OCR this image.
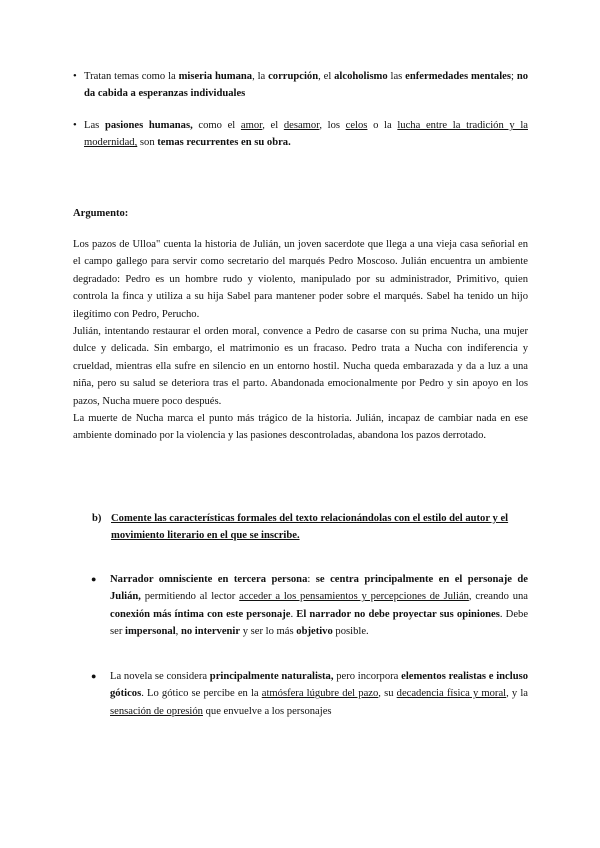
• Tratan temas como la miseria humana, la corrupción, el alcoholismo las enfermedades mentales; no da cabida a esperanzas individuales
• Las pasiones humanas, como el amor, el desamor, los celos o la lucha entre la tradición y la modernidad, son temas recurrentes en su obra.
Argumento:
Los pazos de Ulloa" cuenta la historia de Julián, un joven sacerdote que llega a una vieja casa señorial en el campo gallego para servir como secretario del marqués Pedro Moscoso. Julián encuentra un ambiente degradado: Pedro es un hombre rudo y violento, manipulado por su administrador, Primitivo, quien controla la finca y utiliza a su hija Sabel para mantener poder sobre el marqués. Sabel ha tenido un hijo ilegítimo con Pedro, Perucho.
Julián, intentando restaurar el orden moral, convence a Pedro de casarse con su prima Nucha, una mujer dulce y delicada. Sin embargo, el matrimonio es un fracaso. Pedro trata a Nucha con indiferencia y crueldad, mientras ella sufre en silencio en un entorno hostil. Nucha queda embarazada y da a luz a una niña, pero su salud se deteriora tras el parto. Abandonada emocionalmente por Pedro y sin apoyo en los pazos, Nucha muere poco después.
La muerte de Nucha marca el punto más trágico de la historia. Julián, incapaz de cambiar nada en ese ambiente dominado por la violencia y las pasiones descontroladas, abandona los pazos derrotado.
b) Comente las características formales del texto relacionándolas con el estilo del autor y el movimiento literario en el que se inscribe.
● Narrador omnisciente en tercera persona: se centra principalmente en el personaje de Julián, permitiendo al lector acceder a los pensamientos y percepciones de Julián, creando una conexión más íntima con este personaje. El narrador no debe proyectar sus opiniones. Debe ser impersonal, no intervenir y ser lo más objetivo posible.
● La novela se considera principalmente naturalista, pero incorpora elementos realistas e incluso góticos. Lo gótico se percibe en la atmósfera lúgubre del pazo, su decadencia física y moral, y la sensación de opresión que envuelve a los personajes
